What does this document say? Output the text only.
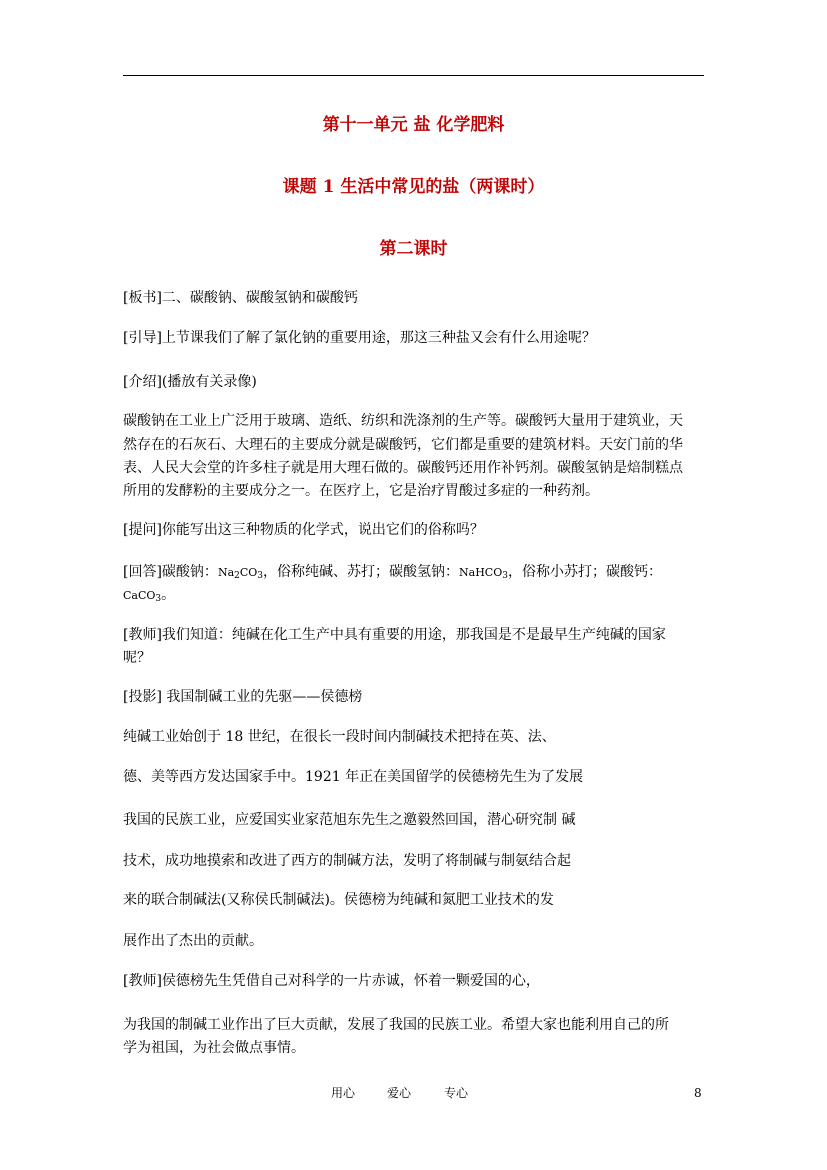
第十一单元 盐 化学肥料
课题 1 生活中常见的盐（两课时）
第二课时
[板书]二、碳酸钠、碳酸氢钠和碳酸钙
[引导]上节课我们了解了氯化钠的重要用途，那这三种盐又会有什么用途呢？
[介绍](播放有关录像)
碳酸钠在工业上广泛用于玻璃、造纸、纺织和洗涤剂的生产等。碳酸钙大量用于建筑业，天
然存在的石灰石、大理石的主要成分就是碳酸钙，它们都是重要的建筑材料。天安门前的华
表、人民大会堂的许多柱子就是用大理石做的。碳酸钙还用作补钙剂。碳酸氢钠是焙制糕点
所用的发酵粉的主要成分之一。在医疗上，它是治疗胃酸过多症的一种药剂。
[提问]你能写出这三种物质的化学式，说出它们的俗称吗？
[回答]碳酸钠：$Na_2CO_3$，俗称纯碱、苏打；碳酸氢钠：NaHCO$_3$，俗称小苏打；碳酸钙：
CaCO$_3$。
[教师]我们知道：纯碱在化工生产中具有重要的用途，那我国是不是最早生产纯碱的国家
呢？
[投影] 我国制碱工业的先驱——侯德榜
纯碱工业始创于 18 世纪，在很长一段时间内制碱技术把持在英、法、
德、美等西方发达国家手中。1921 年正在美国留学的侯德榜先生为了发展
我国的民族工业，应爱国实业家范旭东先生之邀毅然回国，潜心研究制 碱
技术，成功地摸索和改进了西方的制碱方法，发明了将制碱与制氨结合起
来的联合制碱法(又称侯氏制碱法)。侯德榜为纯碱和氮肥工业技术的发
展作出了杰出的贡献。
[教师]侯德榜先生凭借自己对科学的一片赤诚，怀着一颗爱国的心，
为我国的制碱工业作出了巨大贡献，发展了我国的民族工业。希望大家也能利用自己的所
学为祖国，为社会做点事情。
用心	爱心	专心	8
